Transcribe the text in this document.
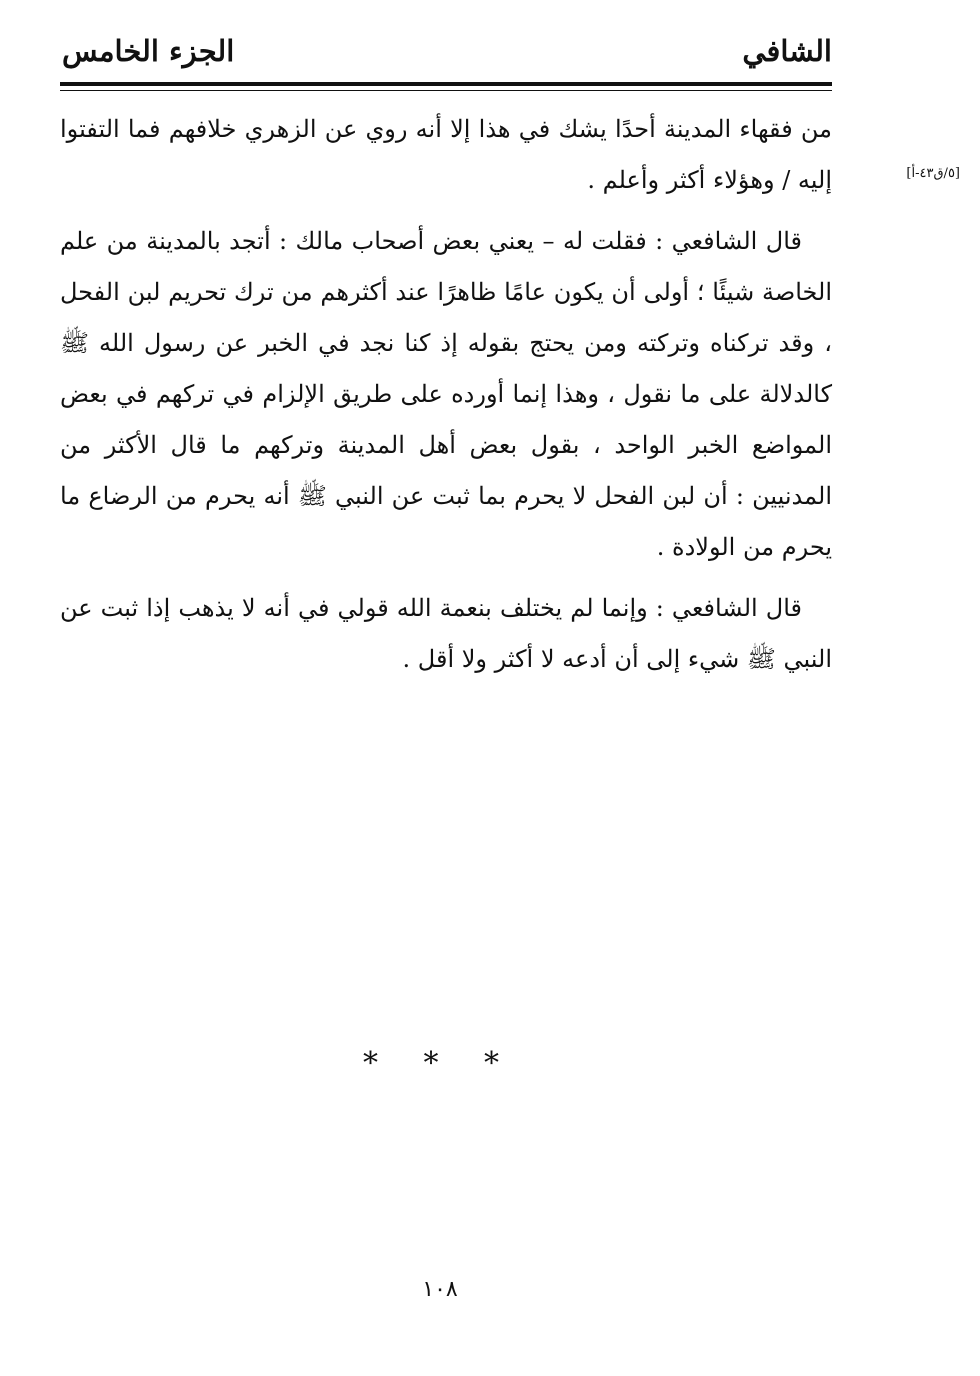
الشافي
الجزء الخامس
[٥/ق٤٣-أ]

من فقهاء المدينة أحدًا يشك في هذا إلا أنه روي عن الزهري خلافهم فما التفتوا إليه / وهؤلاء أكثر وأعلم .

قال الشافعي : فقلت له – يعني بعض أصحاب مالك : أتجد بالمدينة من علم الخاصة شيئًا ؛ أولى أن يكون عامًا ظاهرًا عند أكثرهم من ترك تحريم لبن الفحل ، وقد تركناه وتركته ومن يحتج بقوله إذ كنا نجد في الخبر عن رسول الله ﷺ كالدلالة على ما نقول ، وهذا إنما أورده على طريق الإلزام في تركهم في بعض المواضع الخبر الواحد ، بقول بعض أهل المدينة وتركهم ما قال الأكثر من المدنيين : أن لبن الفحل لا يحرم بما ثبت عن النبي ﷺ أنه يحرم من الرضاع ما يحرم من الولادة .

قال الشافعي : وإنما لم يختلف بنعمة الله قولي في أنه لا يذهب إذا ثبت عن النبي ﷺ شيء إلى أن أدعه لا أكثر ولا أقل .

* * *
١٠٨
